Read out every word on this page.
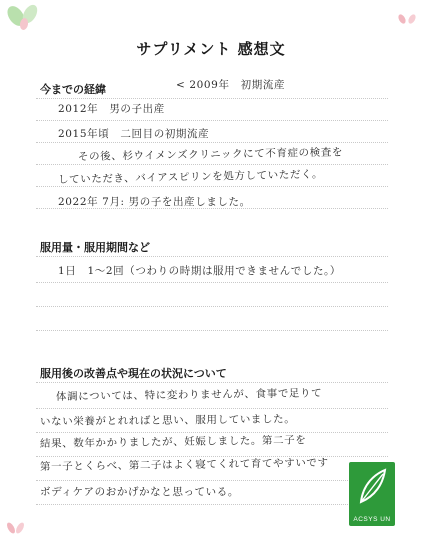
サプリメント 感想文
今までの経緯	< 2009年　初期流産
2012年　男の子出産
2015年頃　二回目の初期流産
その後、杉ウイメンズクリニックにて不育症の検査を
していただき、バイアスピリンを処方していただく。
2022年 7月: 男の子を出産しました。
服用量・服用期間など
1日　1〜2回（つわりの時期は服用できませんでした。）
服用後の改善点や現在の状況について
体調については、特に変わりませんが、食事で足りて
いない栄養がとれればと思い、服用していました。
結果、数年かかりましたが、妊娠しました。第二子を
第一子とくらべ、第二子はよく寝てくれて育てやすいです
ボディケアのおかげかなと思っている。
ACSYS UN
